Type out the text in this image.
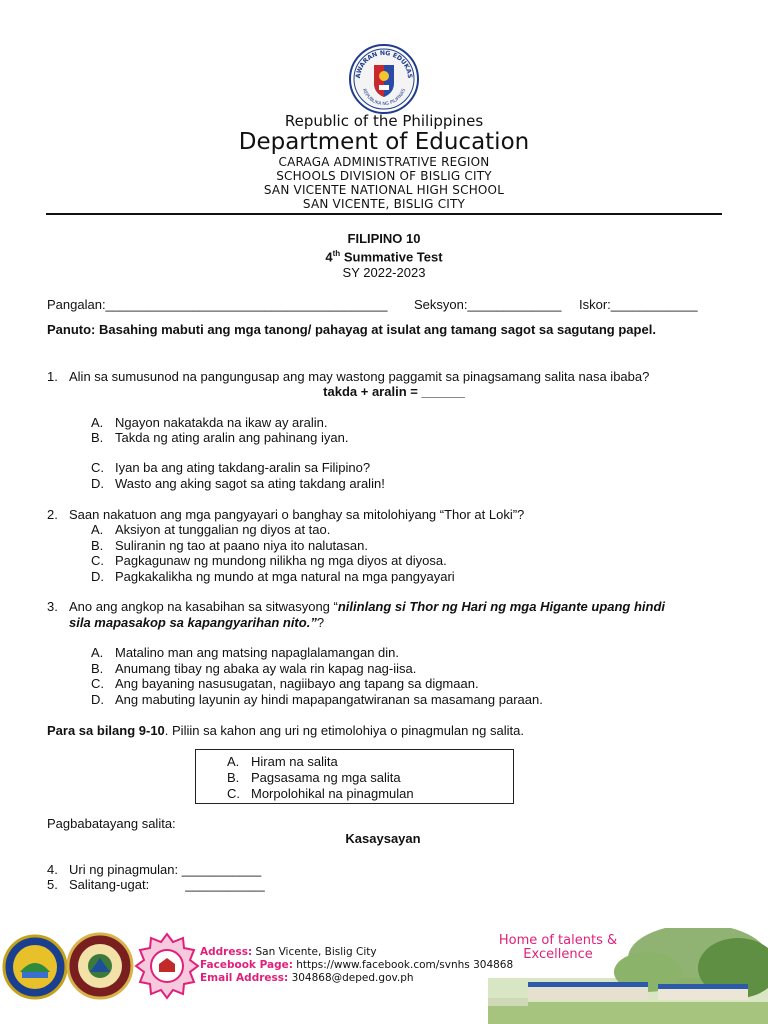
AWARAN NG EDUKAS
REPUBLIKA NG PILIPINAS
Republic of the Philippines
Department of Education
CARAGA ADMINISTRATIVE REGION
SCHOOLS DIVISION OF BISLIG CITY
SAN VICENTE NATIONAL HIGH SCHOOL
SAN VICENTE, BISLIG CITY
FILIPINO 10
4th Summative Test
SY 2022-2023
Pangalan:_______________________________________ Seksyon:_____________ Iskor:____________
Panuto: Basahing mabuti ang mga tanong/ pahayag at isulat ang tamang sagot sa sagutang papel.
1. Alin sa sumusunod na pangungusap ang may wastong paggamit sa pinagsamang salita nasa ibaba?
takda + aralin = ______
A. Ngayon nakatakda na ikaw ay aralin.
B. Takda ng ating aralin ang pahinang iyan.
C. Iyan ba ang ating takdang-aralin sa Filipino?
D. Wasto ang aking sagot sa ating takdang aralin!
2. Saan nakatuon ang mga pangyayari o banghay sa mitolohiyang “Thor at Loki”?
A. Aksiyon at tunggalian ng diyos at tao.
B. Suliranin ng tao at paano niya ito nalutasan.
C. Pagkagunaw ng mundong nilikha ng mga diyos at diyosa.
D. Pagkakalikha ng mundo at mga natural na mga pangyayari
3. Ano ang angkop na kasabihan sa sitwasyong “nilinlang si Thor ng Hari ng mga Higante upang hindi
sila mapasakop sa kapangyarihan nito.”?
A. Matalino man ang matsing napaglalamangan din.
B. Anumang tibay ng abaka ay wala rin kapag nag-iisa.
C. Ang bayaning nasusugatan, nagiibayo ang tapang sa digmaan.
D. Ang mabuting layunin ay hindi mapapangatwiranan sa masamang paraan.
Para sa bilang 9-10. Piliin sa kahon ang uri ng etimolohiya o pinagmulan ng salita.
A. Hiram na salita
B. Pagsasama ng mga salita
C. Morpolohikal na pinagmulan
Pagbabatayang salita:
Kasaysayan
4. Uri ng pinagmulan: ___________
5. Salitang-ugat:	___________
Address: San Vicente, Bislig City
Facebook Page: https://www.facebook.com/svnhs 304868
Email Address: 304868@deped.gov.ph
Home of talents &
Excellence
